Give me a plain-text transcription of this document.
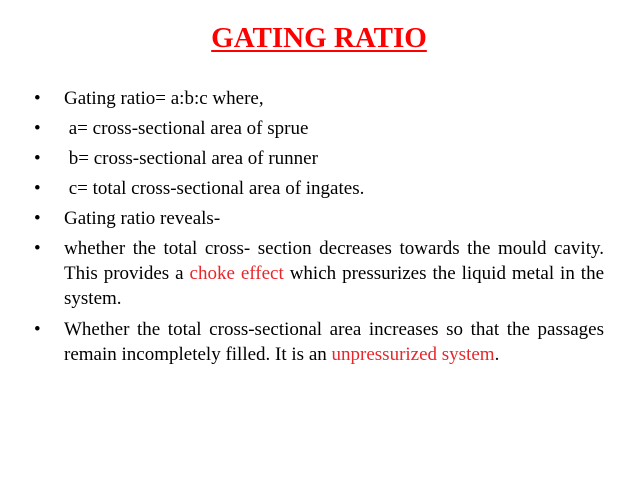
GATING RATIO
• Gating ratio= a:b:c where,
• a= cross-sectional area of sprue
• b= cross-sectional area of runner
• c= total cross-sectional area of ingates.
• Gating ratio reveals-
• whether the total cross- section decreases towards the mould cavity. This provides a choke effect which pressurizes the liquid metal in the system.
• Whether the total cross-sectional area increases so that the passages remain incompletely filled. It is an unpressurized system.
